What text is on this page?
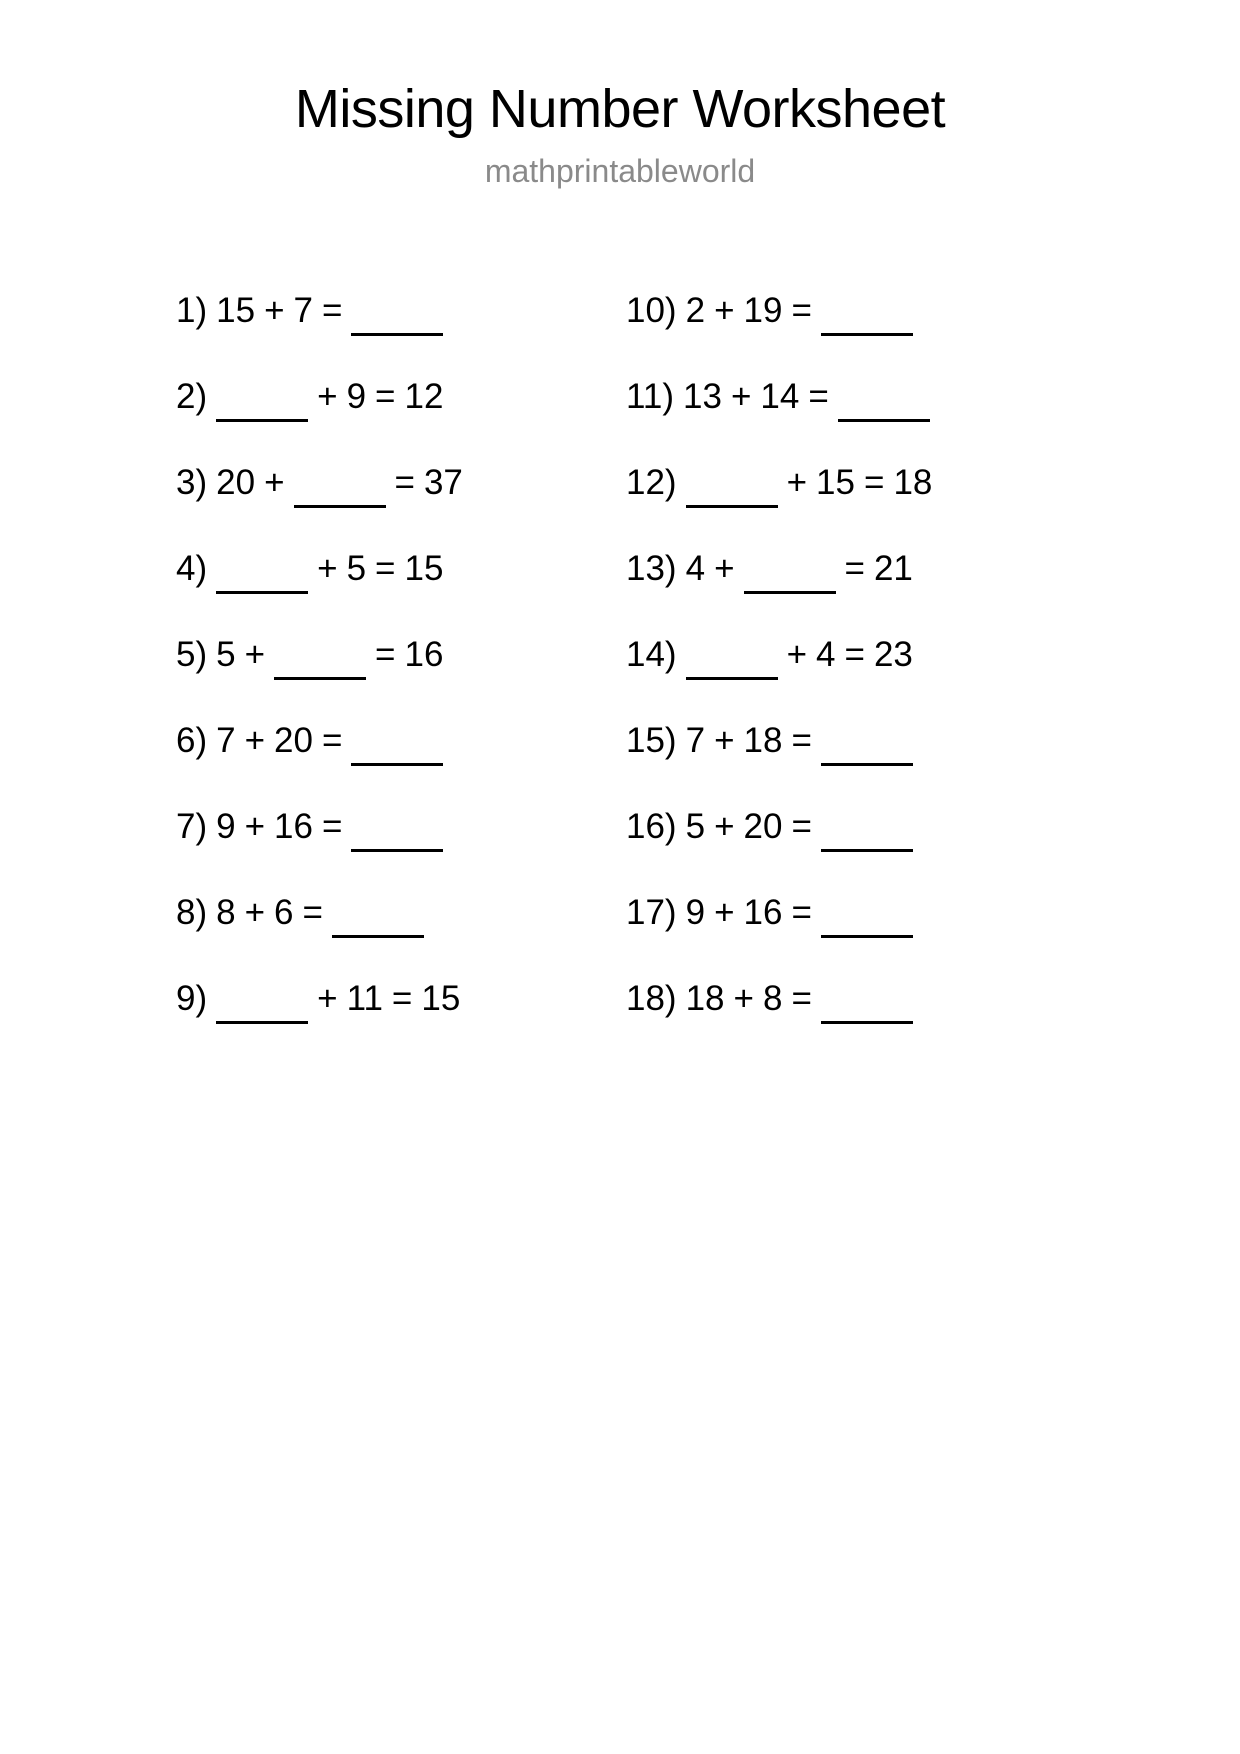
Missing Number Worksheet

mathprintableworld

1) 15 + 7 =
2)	+ 9 = 12
3) 20 +	= 37
4)	+ 5 = 15
5) 5 +	= 16
6) 7 + 20 =
7) 9 + 16 =
8) 8 + 6 =
9)	+ 11 = 15
10) 2 + 19 =
11) 13 + 14 =
12)	+ 15 = 18
13) 4 +	= 21
14)	+ 4 = 23
15) 7 + 18 =
16) 5 + 20 =
17) 9 + 16 =
18) 18 + 8 =
